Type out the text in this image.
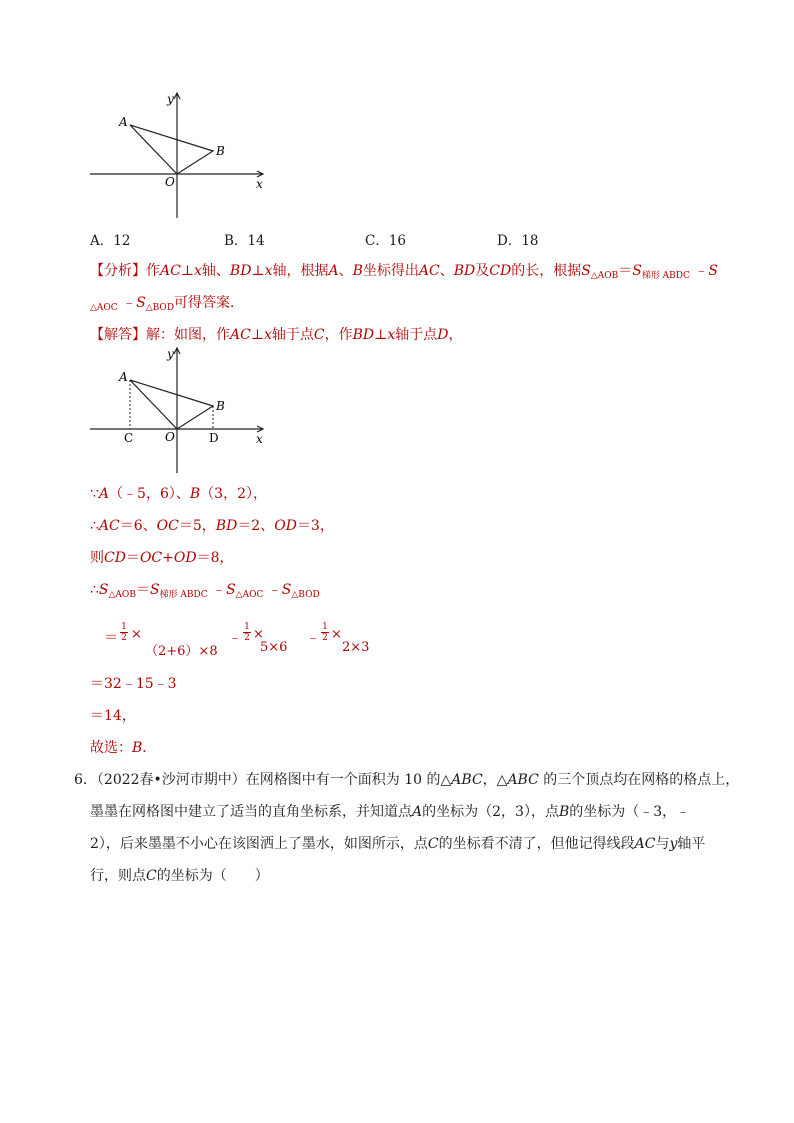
y
x
O
A
B
A．12	B．14	C．16	D．18
【分析】作AC⊥x轴、BD⊥x轴，根据A、B坐标得出AC、BD及CD的长，根据$S_{\triangle AOB}=S_{梯形 ABDC}$ ﹣S
$_{\triangle AOC}$ $﹣S_{\triangle BOD}$可得答案．
【解答】解：如图，作AC⊥x轴于点C，作BD⊥x轴于点D，
y
x
O
A
B
C	D
∵A（﹣5，6）、B（3，2），
∴AC＝6、OC＝5，BD＝2、OD＝3，
则CD＝OC+OD＝8，
$\therefore S_{\triangle AOB}=S_{梯形 ABDC}$ $﹣S_{\triangle AOC}$ $﹣S_{\triangle BOD}$
＝
1
2 ×
（2+6）×8
﹣
1
2 ×
5×6
﹣
1
2 ×
2×3
＝32﹣15﹣3
＝14，
故选：B．
6．（2022春•沙河市期中）在网格图中有一个面积为 10 的△ABC，△ABC 的三个顶点均在网格的格点上，
墨墨在网格图中建立了适当的直角坐标系，并知道点A的坐标为（2，3），点B的坐标为（﹣3，﹣
2），后来墨墨不小心在该图洒上了墨水，如图所示，点C的坐标看不清了，但他记得线段AC与y轴平
行，则点C的坐标为（　　）
